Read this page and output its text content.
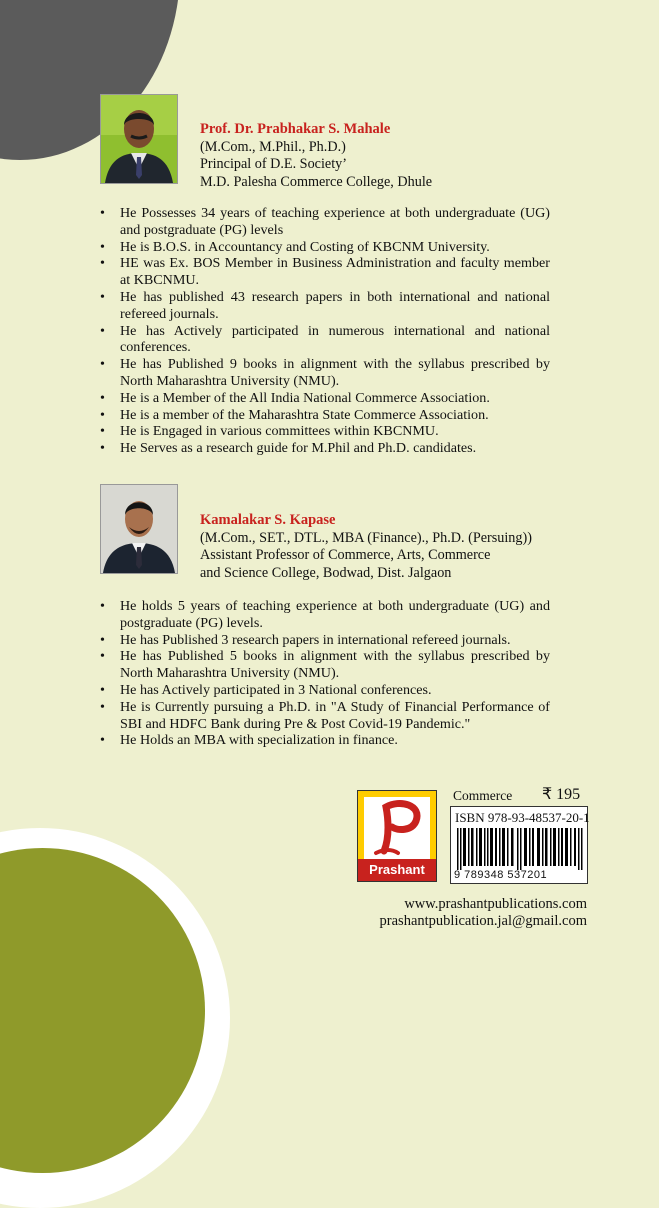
Prof. Dr. Prabhakar S. Mahale
(M.Com., M.Phil., Ph.D.)
Principal of D.E. Society’
M.D. Palesha Commerce College, Dhule
• He Possesses 34 years of teaching experience at both undergraduate (UG) and postgraduate (PG) levels
• He is B.O.S. in Accountancy and Costing of KBCNM University.
• HE was Ex. BOS Member in Business Administration and faculty member at KBCNMU.
• He has published 43 research papers in both international and national refereed journals.
• He has Actively participated in numerous international and national conferences.
• He has Published 9 books in alignment with the syllabus prescribed by North Maharashtra University (NMU).
• He is a Member of the All India National Commerce Association.
• He is a member of the Maharashtra State Commerce Association.
• He is Engaged in various committees within KBCNMU.
• He Serves as a research guide for M.Phil and Ph.D. candidates.
Kamalakar S. Kapase
(M.Com., SET., DTL., MBA (Finance)., Ph.D. (Persuing))
Assistant Professor of Commerce, Arts, Commerce
and Science College, Bodwad, Dist. Jalgaon
• He holds 5 years of teaching experience at both undergraduate (UG) and postgraduate (PG) levels.
• He has Published 3 research papers in international refereed journals.
• He has Published 5 books in alignment with the syllabus prescribed by North Maharashtra University (NMU).
• He has Actively participated in 3 National conferences.
• He is Currently pursuing a Ph.D. in "A Study of Financial Performance of SBI and HDFC Bank during Pre & Post Covid-19 Pandemic."
• He Holds an MBA with specialization in finance.
Prashant
Commerce ₹ 195
ISBN 978-93-48537-20-1
9 789348 537201
www.prashantpublications.com
prashantpublication.jal@gmail.com
